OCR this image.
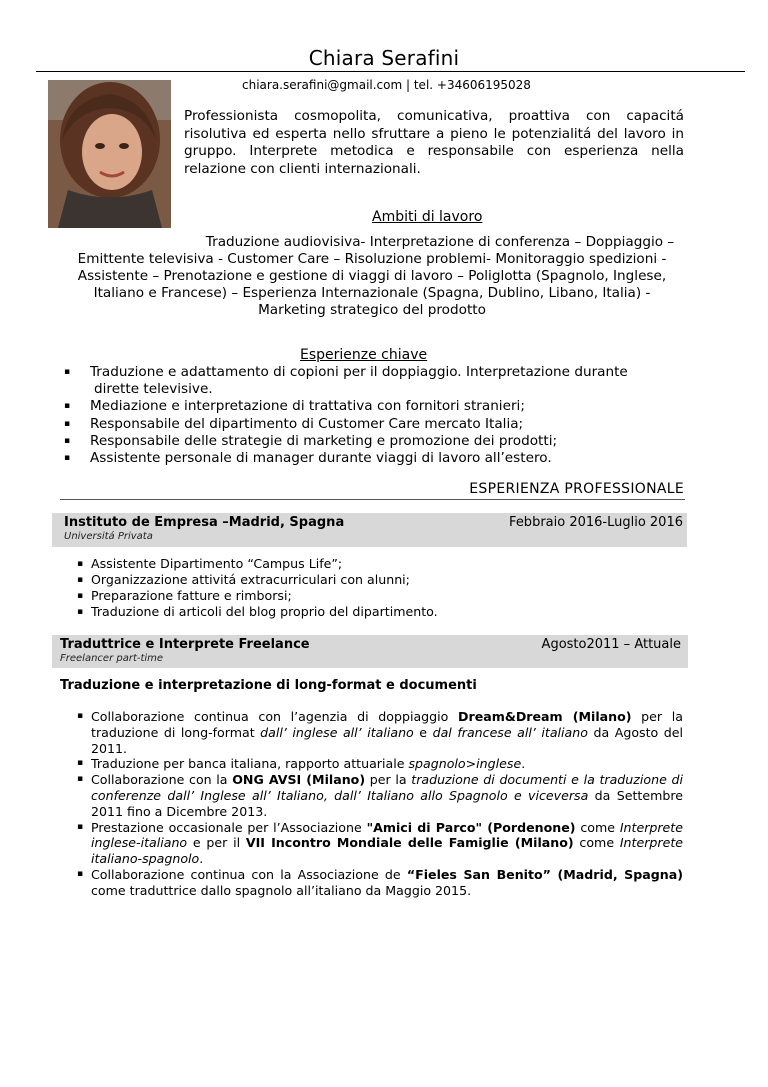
Chiara Serafini
chiara.serafini@gmail.com | tel. +34606195028
Professionista cosmopolita, comunicativa, proattiva con capacitá risolutiva ed esperta nello sfruttare a pieno le potenzialitá del lavoro in gruppo. Interprete metodica e responsabile con esperienza nella relazione con clienti internazionali.
Ambiti di lavoro
Traduzione audiovisiva- Interpretazione di conferenza – Doppiaggio –
Emittente televisiva - Customer Care – Risoluzione problemi- Monitoraggio spedizioni -
Assistente – Prenotazione e gestione di viaggi di lavoro – Poliglotta (Spagnolo, Inglese,
Italiano e Francese) – Esperienza Internazionale (Spagna, Dublino, Libano, Italia) -
Marketing strategico del prodotto
Esperienze chiave
▪ Traduzione e adattamento di copioni per il doppiaggio. Interpretazione durante
dirette televisive.
▪ Mediazione e interpretazione di trattativa con fornitori stranieri;
▪ Responsabile del dipartimento di Customer Care mercato Italia;
▪ Responsabile delle strategie di marketing e promozione dei prodotti;
▪ Assistente personale di manager durante viaggi di lavoro all’estero.
ESPERIENZA PROFESSIONALE
Instituto de Empresa –Madrid, Spagna
Universitá Privata
Febbraio 2016-Luglio 2016
▪ Assistente Dipartimento “Campus Life”;
▪ Organizzazione attivitá extracurriculari con alunni;
▪ Preparazione fatture e rimborsi;
▪ Traduzione di articoli del blog proprio del dipartimento.
Traduttrice e Interprete Freelance
Freelancer part-time
Agosto2011 – Attuale
Traduzione e interpretazione di long-format e documenti
▪ Collaborazione continua con l’agenzia di doppiaggio Dream&Dream (Milano) per la traduzione di long-format dall’ inglese all’ italiano e dal francese all’ italiano da Agosto del 2011.
▪ Traduzione per banca italiana, rapporto attuariale spagnolo>inglese.
▪ Collaborazione con la ONG AVSI (Milano) per la traduzione di documenti e la traduzione di conferenze dall’ Inglese all’ Italiano, dall’ Italiano allo Spagnolo e viceversa da Settembre 2011 fino a Dicembre 2013.
▪ Prestazione occasionale per l’Associazione "Amici di Parco" (Pordenone) come Interprete inglese-italiano e per il VII Incontro Mondiale delle Famiglie (Milano) come Interprete italiano-spagnolo.
▪ Collaborazione continua con la Associazione de “Fieles San Benito” (Madrid, Spagna) come traduttrice dallo spagnolo all’italiano da Maggio 2015.
